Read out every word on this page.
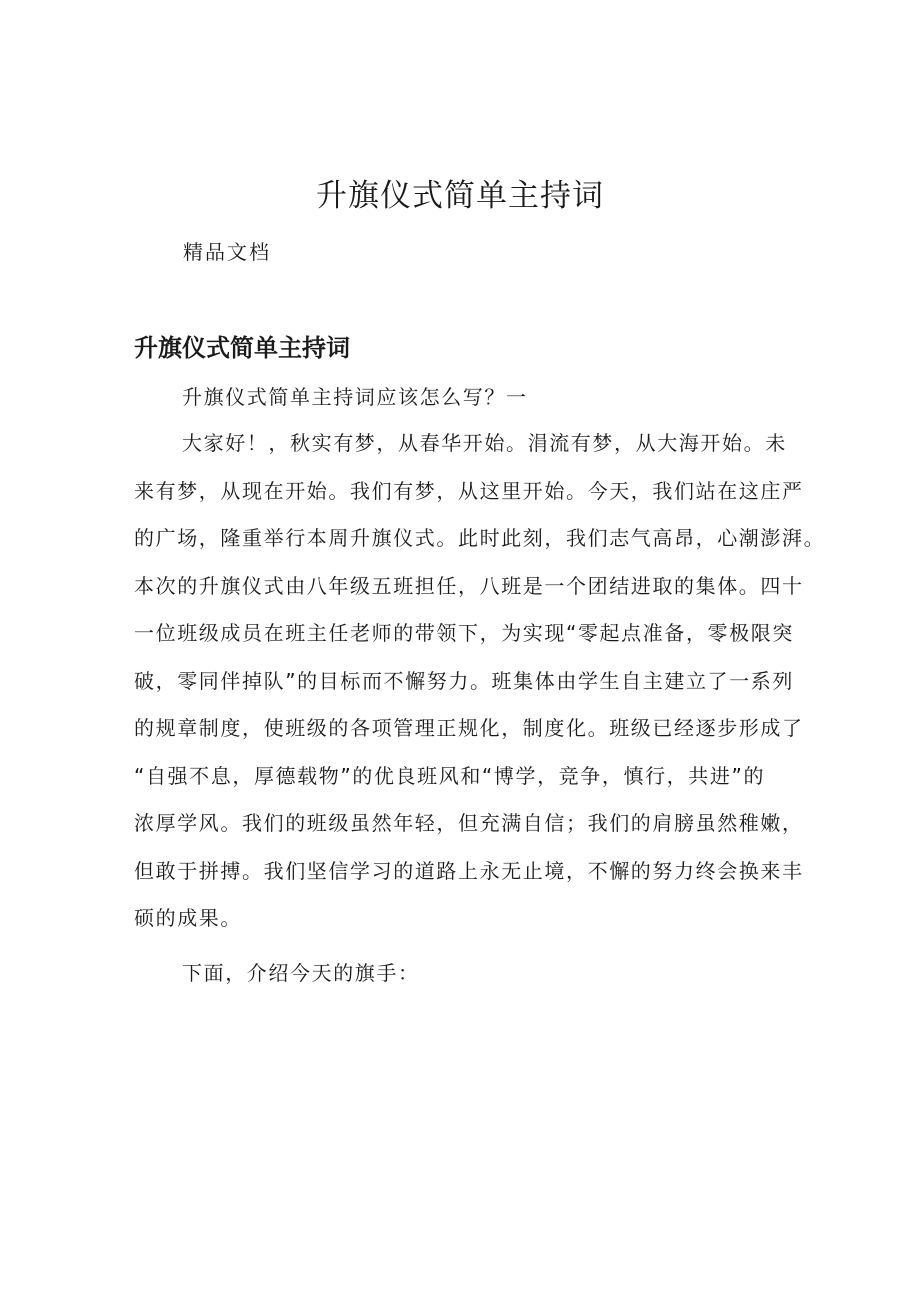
升旗仪式简单主持词

精品文档

升旗仪式简单主持词

升旗仪式简单主持词应该怎么写？一

大家好！，秋实有梦，从春华开始。涓流有梦，从大海开始。未
来有梦，从现在开始。我们有梦，从这里开始。今天，我们站在这庄严
的广场，隆重举行本周升旗仪式。此时此刻，我们志气高昂，心潮澎湃。
本次的升旗仪式由八年级五班担任，八班是一个团结进取的集体。四十
一位班级成员在班主任老师的带领下，为实现“零起点准备，零极限突
破，零同伴掉队”的目标而不懈努力。班集体由学生自主建立了一系列
的规章制度，使班级的各项管理正规化，制度化。班级已经逐步形成了
“自强不息，厚德载物”的优良班风和“博学，竞争，慎行，共进”的
浓厚学风。我们的班级虽然年轻，但充满自信；我们的肩膀虽然稚嫩，
但敢于拼搏。我们坚信学习的道路上永无止境，不懈的努力终会换来丰
硕的成果。

下面，介绍今天的旗手：
